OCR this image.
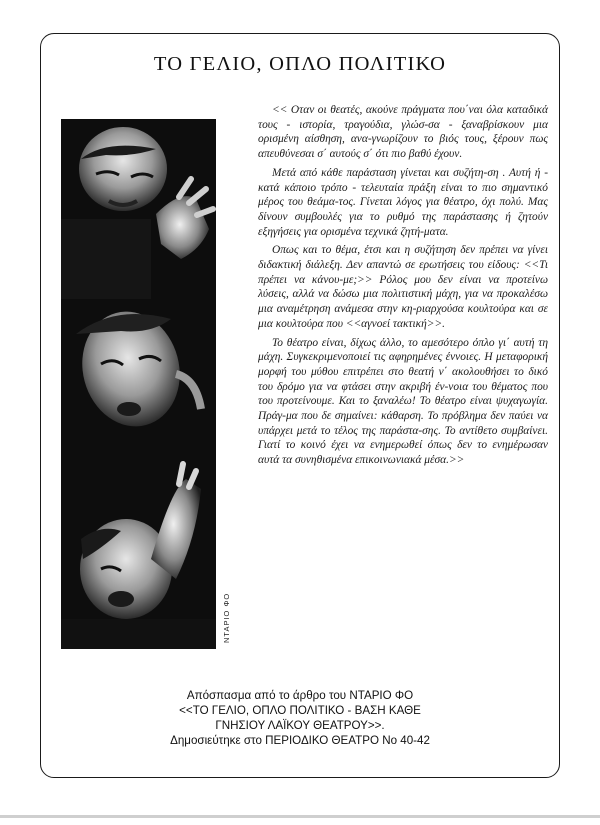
ΤΟ ΓΕΛΙΟ, ΟΠΛΟ ΠΟΛΙΤΙΚΟ
ΝΤΑΡΙΟ ΦΟ

<< Οταν οι θεατές, ακούνε πράγματα που΄ναι όλα καταδικά τους - ιστορία, τραγούδια, γλώσ-σα - ξαναβρίσκουν μια ορισμένη αίσθηση, ανα-γνωρίζουν το βιός τους, ξέρουν πως απευθύνεσαι σ΄ αυτούς σ΄ ότι πιο βαθύ έχουν.

Μετά από κάθε παράσταση γίνεται και συζήτη-ση . Αυτή ή - κατά κάποιο τρόπο - τελευταία πράξη είναι το πιο σημαντικό μέρος του θεάμα-τος. Γίνεται λόγος για θέατρο, όχι πολύ. Μας δίνουν συμβουλές για το ρυθμό της παράστασης ή ζητούν εξηγήσεις για ορισμένα τεχνικά ζητή-ματα.

Οπως και το θέμα, έτσι και η συζήτηση δεν πρέπει να γίνει διδακτική διάλεξη. Δεν απαντώ σε ερωτήσεις του είδους: <<Τι πρέπει να κάνου-με;>> Ρόλος μου δεν είναι να προτείνω λύσεις, αλλά να δώσω μια πολιτιστική μάχη, για να προκαλέσω μια αναμέτρηση ανάμεσα στην κη-ριαρχούσα κουλτούρα και σε μια κουλτούρα που <<αγνοεί τακτική>>.

Το θέατρο είναι, δίχως άλλο, το αμεσότερο όπλο γι΄ αυτή τη μάχη. Συγκεκριμενοποιεί τις αφηρημένες έννοιες. Η μεταφορική μορφή του μύθου επιτρέπει στο θεατή ν΄ ακολουθήσει το δικό του δρόμο για να φτάσει στην ακριβή έν-νοια του θέματος που του προτείνουμε. Και το ξαναλέω! Το θέατρο είναι ψυχαγωγία. Πράγ-μα που δε σημαίνει: κάθαρση. Το πρόβλημα δεν παύει να υπάρχει μετά το τέλος της παράστα-σης. Το αντίθετο συμβαίνει. Γιατί το κοινό έχει να ενημερωθεί όπως δεν το ενημέρωσαν αυτά τα συνηθισμένα επικοινωνιακά μέσα.>>

Απόσπασμα από το άρθρο του ΝΤΑΡΙΟ ΦΟ
<<ΤΟ ΓΕΛΙΟ, ΟΠΛΟ ΠΟΛΙΤΙΚΟ - ΒΑΣΗ ΚΑΘΕ
ΓΝΗΣΙΟΥ ΛΑΪΚΟΥ ΘΕΑΤΡΟΥ>>.
Δημοσιεύτηκε στο ΠΕΡΙΟΔΙΚΟ ΘΕΑΤΡΟ Νο 40-42
